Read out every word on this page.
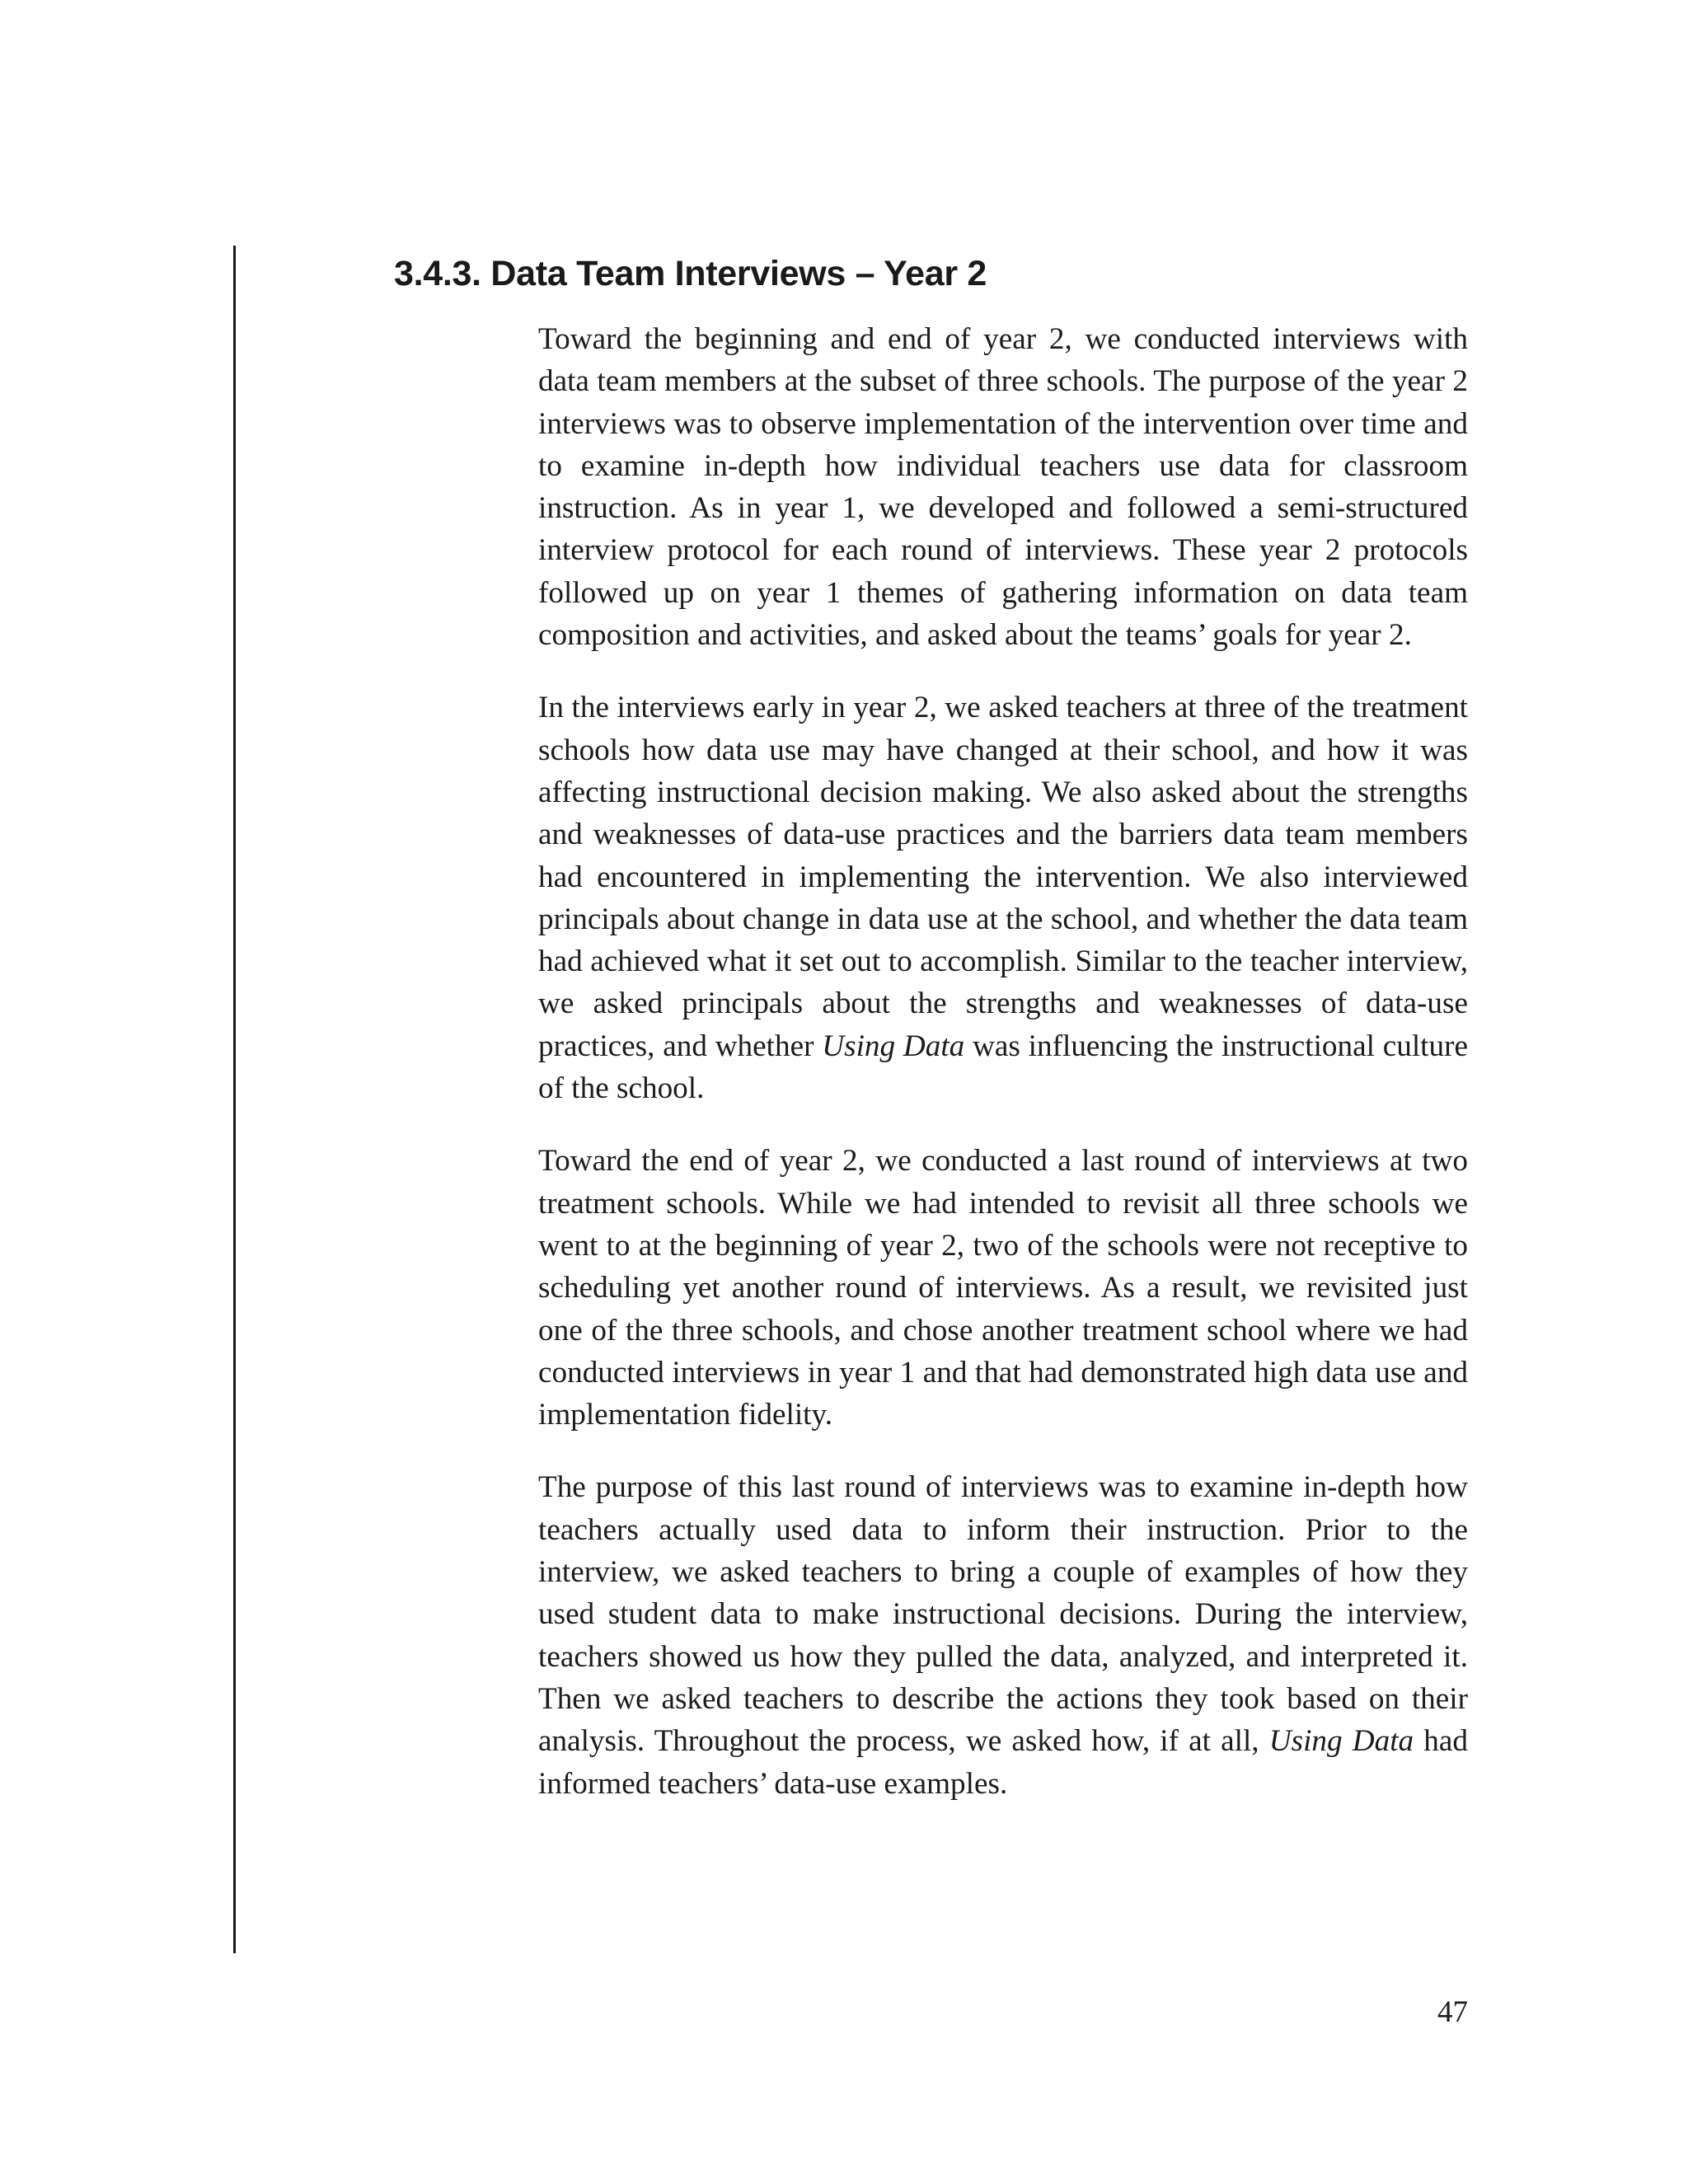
3.4.3. Data Team Interviews – Year 2

Toward the beginning and end of year 2, we conducted interviews with data team members at the subset of three schools. The purpose of the year 2 interviews was to observe implementation of the intervention over time and to examine in-depth how individual teachers use data for classroom instruction. As in year 1, we developed and followed a semi-structured interview protocol for each round of interviews. These year 2 protocols followed up on year 1 themes of gathering information on data team composition and activities, and asked about the teams’ goals for year 2.

In the interviews early in year 2, we asked teachers at three of the treatment schools how data use may have changed at their school, and how it was affecting instructional decision making. We also asked about the strengths and weaknesses of data-use practices and the barriers data team members had encountered in implementing the intervention. We also interviewed principals about change in data use at the school, and whether the data team had achieved what it set out to accomplish. Similar to the teacher interview, we asked principals about the strengths and weaknesses of data-use practices, and whether Using Data was influencing the instructional culture of the school.

Toward the end of year 2, we conducted a last round of interviews at two treatment schools. While we had intended to revisit all three schools we went to at the beginning of year 2, two of the schools were not receptive to scheduling yet another round of interviews. As a result, we revisited just one of the three schools, and chose another treatment school where we had conducted interviews in year 1 and that had demonstrated high data use and implementation fidelity.

The purpose of this last round of interviews was to examine in-depth how teachers actually used data to inform their instruction. Prior to the interview, we asked teachers to bring a couple of examples of how they used student data to make instructional decisions. During the interview, teachers showed us how they pulled the data, analyzed, and interpreted it. Then we asked teachers to describe the actions they took based on their analysis. Throughout the process, we asked how, if at all, Using Data had informed teachers’ data-use examples.

47
